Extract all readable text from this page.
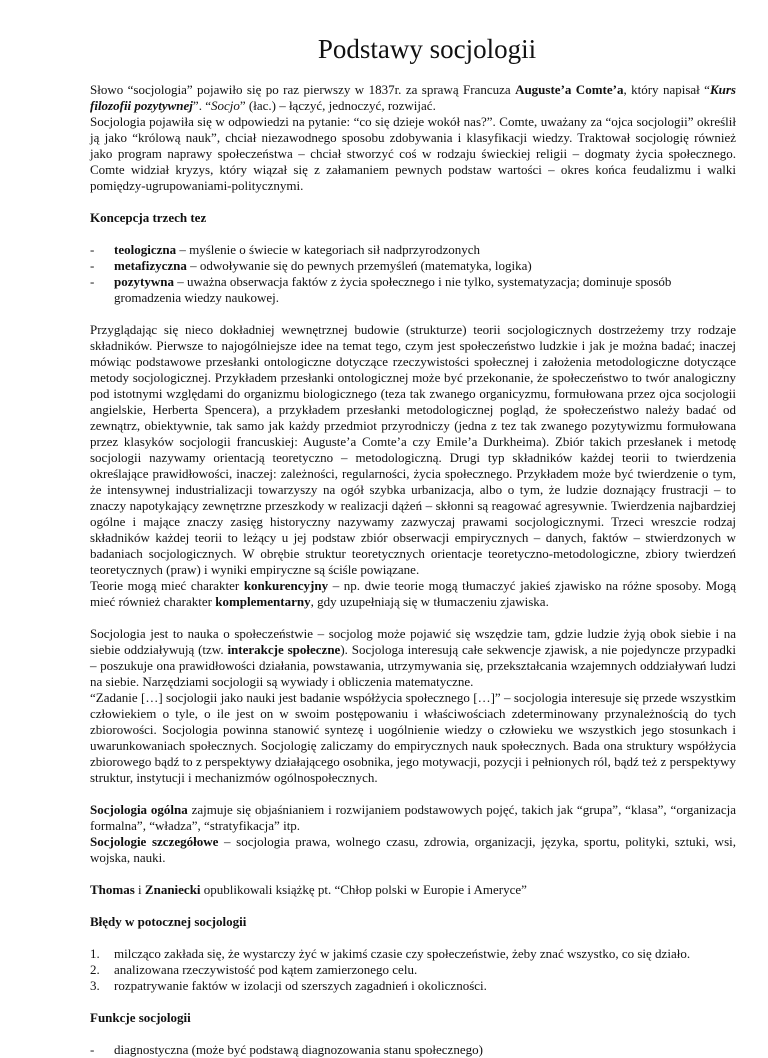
Podstawy socjologii

Słowo “socjologia” pojawiło się po raz pierwszy w 1837r. za sprawą Francuza Auguste’a Comte’a, który napisał “Kurs filozofii pozytywnej”. “Socjo” (łac.) – łączyć, jednoczyć, rozwijać.

Socjologia pojawiła się w odpowiedzi na pytanie: “co się dzieje wokół nas?”. Comte, uważany za “ojca socjologii” określił ją jako “królową nauk”, chciał niezawodnego sposobu zdobywania i klasyfikacji wiedzy. Traktował socjologię również jako program naprawy społeczeństwa – chciał stworzyć coś w rodzaju świeckiej religii – dogmaty życia społecznego. Comte widział kryzys, który wiązał się z załamaniem pewnych podstaw wartości – okres końca feudalizmu i walki pomiędzy-ugrupowaniami-politycznymi.

Koncepcja trzech tez

- teologiczna – myślenie o świecie w kategoriach sił nadprzyrodzonych
- metafizyczna – odwoływanie się do pewnych przemyśleń (matematyka, logika)
- pozytywna – uważna obserwacja faktów z życia społecznego i nie tylko, systematyzacja; dominuje sposób gromadzenia wiedzy naukowej.

Przyglądając się nieco dokładniej wewnętrznej budowie (strukturze) teorii socjologicznych dostrzeżemy trzy rodzaje składników. Pierwsze to najogólniejsze idee na temat tego, czym jest społeczeństwo ludzkie i jak je można badać; inaczej mówiąc podstawowe przesłanki ontologiczne dotyczące rzeczywistości społecznej i założenia metodologiczne dotyczące metody socjologicznej. Przykładem przesłanki ontologicznej może być przekonanie, że społeczeństwo to twór analogiczny pod istotnymi względami do organizmu biologicznego (teza tak zwanego organicyzmu, formułowana przez ojca socjologii angielskie, Herberta Spencera), a przykładem przesłanki metodologicznej pogląd, że społeczeństwo należy badać od zewnątrz, obiektywnie, tak samo jak każdy przedmiot przyrodniczy (jedna z tez tak zwanego pozytywizmu formułowana przez klasyków socjologii francuskiej: Auguste’a Comte’a czy Emile’a Durkheima). Zbiór takich przesłanek i metodę socjologii nazywamy orientacją teoretyczno – metodologiczną. Drugi typ składników każdej teorii to twierdzenia określające prawidłowości, inaczej: zależności, regularności, życia społecznego. Przykładem może być twierdzenie o tym, że intensywnej industrializacji towarzyszy na ogół szybka urbanizacja, albo o tym, że ludzie doznający frustracji – to znaczy napotykający zewnętrzne przeszkody w realizacji dążeń – skłonni są reagować agresywnie. Twierdzenia najbardziej ogólne i mające znaczy zasięg historyczny nazywamy zazwyczaj prawami socjologicznymi. Trzeci wreszcie rodzaj składników każdej teorii to leżący u jej podstaw zbiór obserwacji empirycznych – danych, faktów – stwierdzonych w badaniach socjologicznych. W obrębie struktur teoretycznych orientacje teoretyczno-metodologiczne, zbiory twierdzeń teoretycznych (praw) i wyniki empiryczne są ściśle powiązane.

Teorie mogą mieć charakter konkurencyjny – np. dwie teorie mogą tłumaczyć jakieś zjawisko na różne sposoby. Mogą mieć również charakter komplementarny, gdy uzupełniają się w tłumaczeniu zjawiska.

Socjologia jest to nauka o społeczeństwie – socjolog może pojawić się wszędzie tam, gdzie ludzie żyją obok siebie i na siebie oddziaływują (tzw. interakcje społeczne). Socjologa interesują całe sekwencje zjawisk, a nie pojedyncze przypadki – poszukuje ona prawidłowości działania, powstawania, utrzymywania się, przekształcania wzajemnych oddziaływań ludzi na siebie. Narzędziami socjologii są wywiady i obliczenia matematyczne.

“Zadanie […] socjologii jako nauki jest badanie współżycia społecznego […]” – socjologia interesuje się przede wszystkim człowiekiem o tyle, o ile jest on w swoim postępowaniu i właściwościach zdeterminowany przynależnością do tych zbiorowości. Socjologia powinna stanowić syntezę i uogólnienie wiedzy o człowieku we wszystkich jego stosunkach i uwarunkowaniach społecznych. Socjologię zaliczamy do empirycznych nauk społecznych. Bada ona struktury współżycia zbiorowego bądź to z perspektywy działającego osobnika, jego motywacji, pozycji i pełnionych ról, bądź też z perspektywy struktur, instytucji i mechanizmów ogólnospołecznych.

Socjologia ogólna zajmuje się objaśnianiem i rozwijaniem podstawowych pojęć, takich jak “grupa”, “klasa”, “organizacja formalna”, “władza”, “stratyfikacja” itp.

Socjologie szczegółowe – socjologia prawa, wolnego czasu, zdrowia, organizacji, języka, sportu, polityki, sztuki, wsi, wojska, nauki.

Thomas i Znaniecki opublikowali książkę pt. “Chłop polski w Europie i Ameryce”

Błędy w potocznej socjologii

1. milcząco zakłada się, że wystarczy żyć w jakimś czasie czy społeczeństwie, żeby znać wszystko, co się działo.
2. analizowana rzeczywistość pod kątem zamierzonego celu.
3. rozpatrywanie faktów w izolacji od szerszych zagadnień i okoliczności.

Funkcje socjologii

- diagnostyczna (może być podstawą diagnozowania stanu społecznego)
